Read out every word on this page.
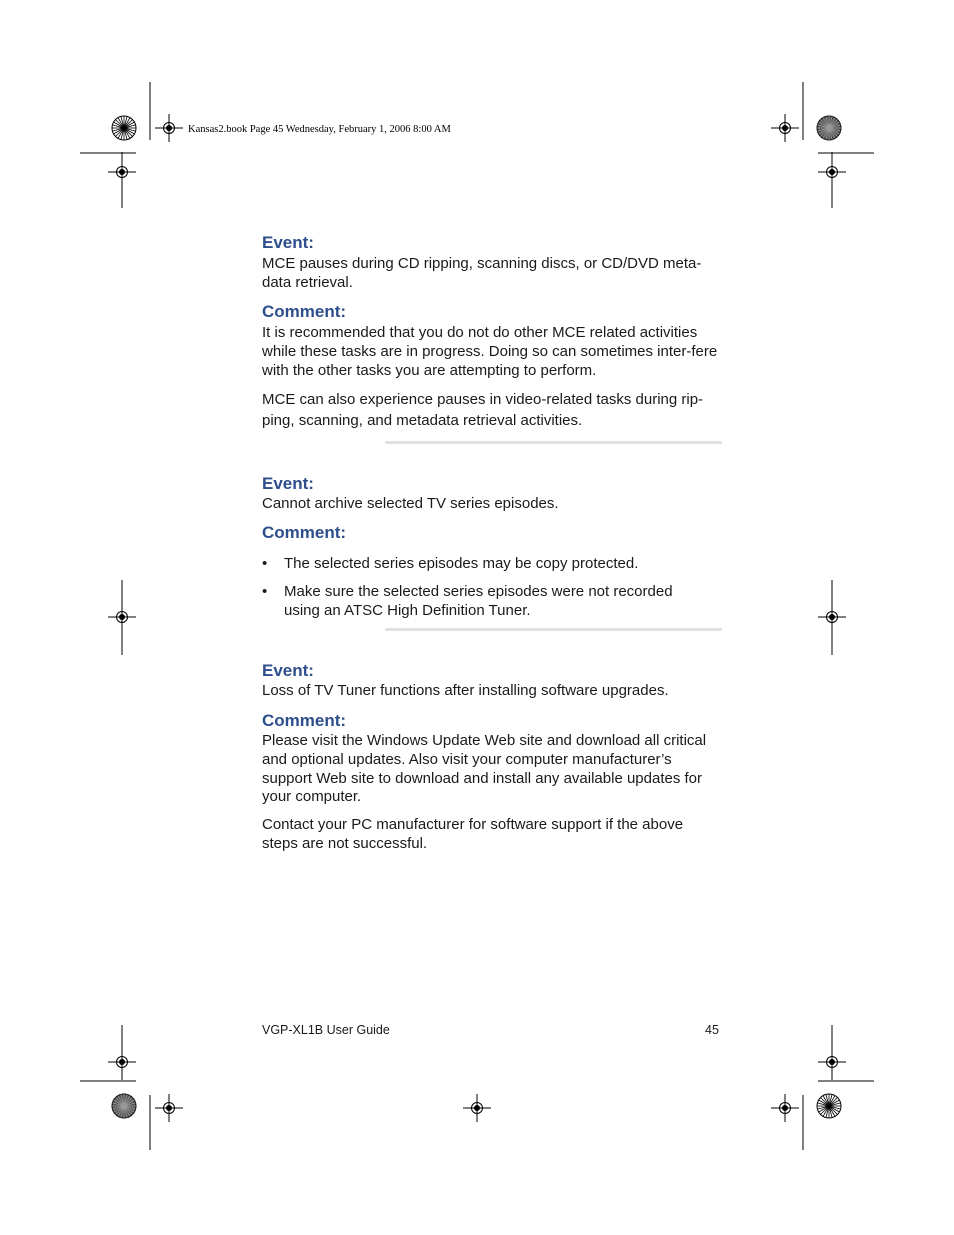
Kansas2.book Page 45 Wednesday, February 1, 2006 8:00 AM
Event:
MCE pauses during CD ripping, scanning discs, or CD/DVD meta-data retrieval.
Comment:
It is recommended that you do not do other MCE related activities while these tasks are in progress. Doing so can sometimes inter-fere with the other tasks you are attempting to perform.
MCE can also experience pauses in video-related tasks during rip-ping, scanning, and metadata retrieval activities.
Event:
Cannot archive selected TV series episodes.
Comment:
• The selected series episodes may be copy protected.
• Make sure the selected series episodes were not recorded using an ATSC High Definition Tuner.
Event:
Loss of TV Tuner functions after installing software upgrades.
Comment:
Please visit the Windows Update Web site and download all critical and optional updates. Also visit your computer manufacturer’s support Web site to download and install any available updates for your computer.
Contact your PC manufacturer for software support if the above steps are not successful.
VGP-XL1B User Guide	45
